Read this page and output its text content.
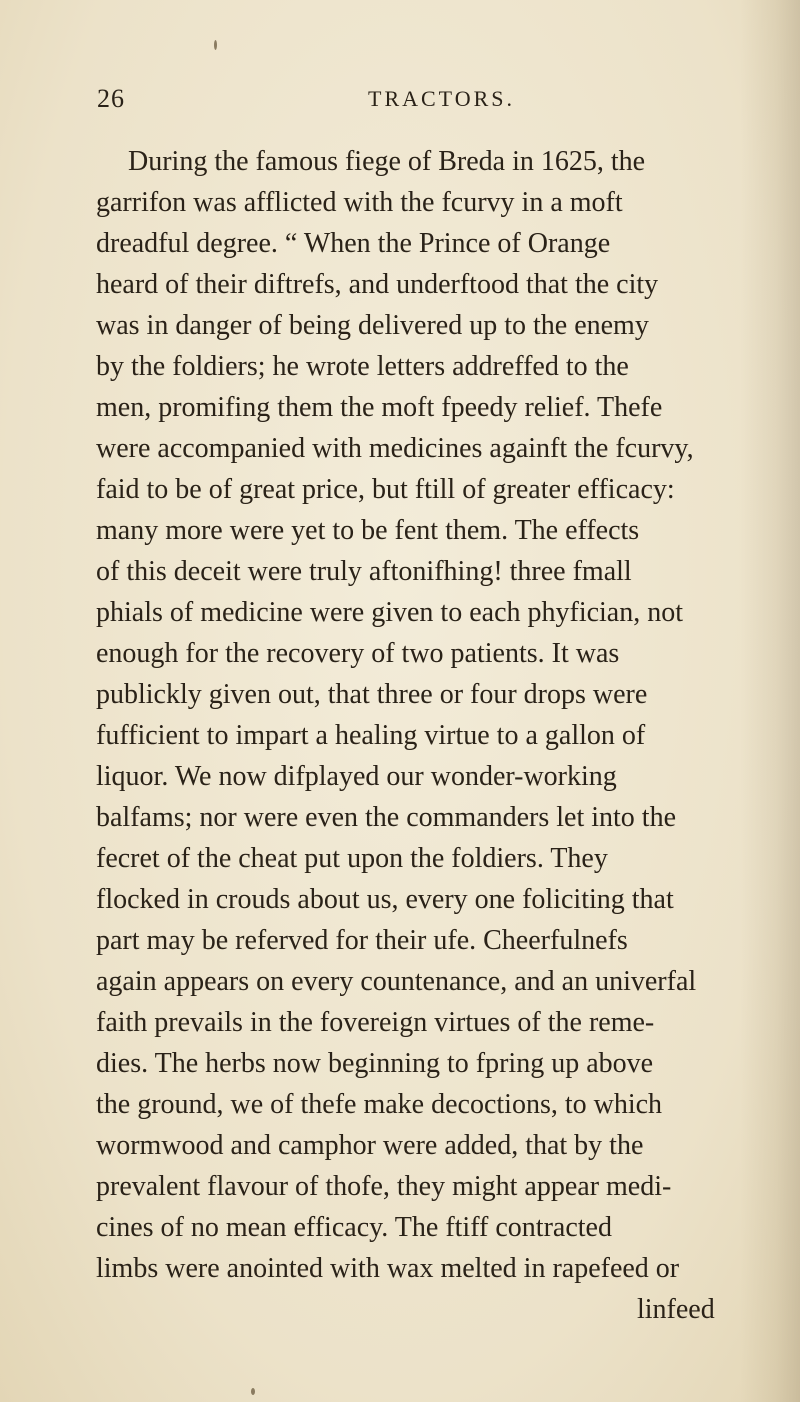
26	TRACTORS.
During the famous fiege of Breda in 1625, the
garrifon was afflicted with the fcurvy in a moft
dreadful degree. “ When the Prince of Orange
heard of their diftrefs, and underftood that the city
was in danger of being delivered up to the enemy
by the foldiers; he wrote letters addreffed to the
men, promifing them the moft fpeedy relief. Thefe
were accompanied with medicines againft the fcurvy,
faid to be of great price, but ftill of greater efficacy:
many more were yet to be fent them. The effects
of this deceit were truly aftonifhing! three fmall
phials of medicine were given to each phyfician, not
enough for the recovery of two patients. It was
publickly given out, that three or four drops were
fufficient to impart a healing virtue to a gallon of
liquor. We now difplayed our wonder-working
balfams; nor were even the commanders let into the
fecret of the cheat put upon the foldiers. They
flocked in crouds about us, every one foliciting that
part may be referved for their ufe. Cheerfulnefs
again appears on every countenance, and an univerfal
faith prevails in the fovereign virtues of the reme-
dies. The herbs now beginning to fpring up above
the ground, we of thefe make decoctions, to which
wormwood and camphor were added, that by the
prevalent flavour of thofe, they might appear medi-
cines of no mean efficacy. The ftiff contracted
limbs were anointed with wax melted in rapefeed or
linfeed
